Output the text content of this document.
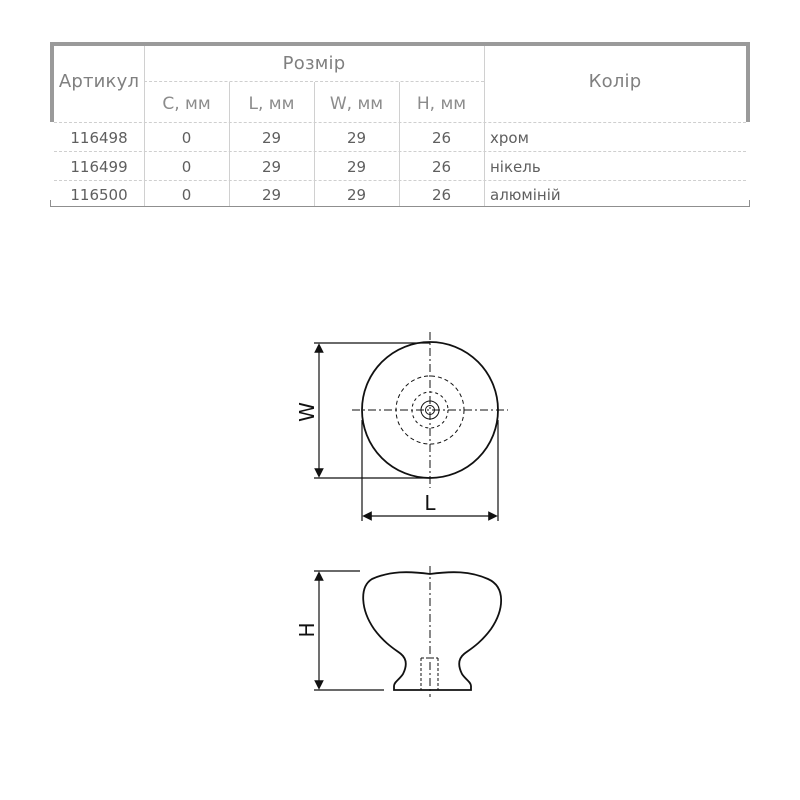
Артикул
Розмір
Колір
C, мм	L, мм	W, мм	H, мм
116498	0	29	29	26	хром
116499	0	29	29	26	нікель
116500	0	29	29	26	алюміній
W
L
H
